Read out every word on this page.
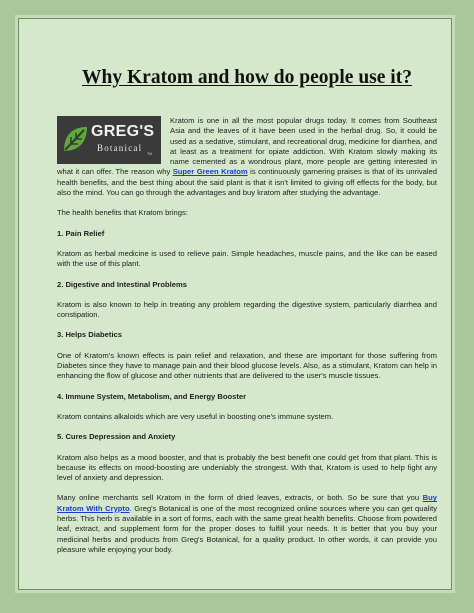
Why Kratom and how do people use it?
GREG'S
Botanical
TM

Kratom is one in all the most popular drugs today. It comes from Southeast Asia and the leaves of it have been used in the herbal drug. So, it could be used as a sedative, stimulant, and recreational drug, medicine for diarrhea, and at least as a treatment for opiate addiction. With Kratom slowly making its name cemented as a wondrous plant, more people are getting interested in what it can offer. The reason why Super Green Kratom is continuously garnering praises is that of its unrivaled health benefits, and the best thing about the said plant is that it isn't limited to giving off effects for the body, but also the mind. You can go through the advantages and buy kratom after studying the advantage.

The health benefits that Kratom brings:

1. Pain Relief

Kratom as herbal medicine is used to relieve pain. Simple headaches, muscle pains, and the like can be eased with the use of this plant.

2. Digestive and Intestinal Problems

Kratom is also known to help in treating any problem regarding the digestive system, particularly diarrhea and constipation.

3. Helps Diabetics

One of Kratom's known effects is pain relief and relaxation, and these are important for those suffering from Diabetes since they have to manage pain and their blood glucose levels. Also, as a stimulant, Kratom can help in enhancing the flow of glucose and other nutrients that are delivered to the user's muscle tissues.

4. Immune System, Metabolism, and Energy Booster

Kratom contains alkaloids which are very useful in boosting one's immune system.

5. Cures Depression and Anxiety

Kratom also helps as a mood booster, and that is probably the best benefit one could get from that plant. This is because its effects on mood-boosting are undeniably the strongest. With that, Kratom is used to help fight any level of anxiety and depression.

Many online merchants sell Kratom in the form of dried leaves, extracts, or both. So be sure that you Buy Kratom With Crypto. Greg's Botanical is one of the most recognized online sources where you can get quality herbs. This herb is available in a sort of forms, each with the same great health benefits. Choose from powdered leaf, extract, and supplement form for the proper doses to fulfill your needs. It is better that you buy your medicinal herbs and products from Greg's Botanical, for a quality product. In other words, it can provide you pleasure while enjoying your body.
